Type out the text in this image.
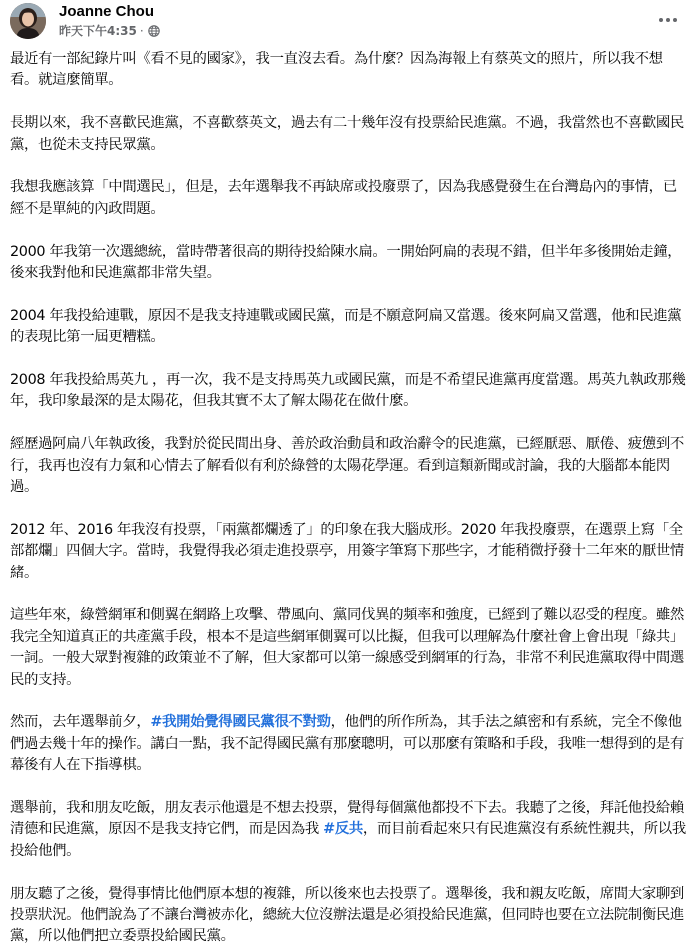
Joanne Chou
昨天下午4:35 ·

最近有一部紀錄片叫《看不見的國家》，我一直沒去看。為什麼？因為海報上有蔡英文的照片，所以我不想看。就這麼簡單。

長期以來，我不喜歡民進黨，不喜歡蔡英文，過去有二十幾年沒有投票給民進黨。不過，我當然也不喜歡國民黨，也從未支持民眾黨。

我想我應該算「中間選民」，但是，去年選舉我不再缺席或投廢票了，因為我感覺發生在台灣島內的事情，已經不是單純的內政問題。

2000 年我第一次選總統，當時帶著很高的期待投給陳水扁。一開始阿扁的表現不錯，但半年多後開始走鐘，後來我對他和民進黨都非常失望。

2004 年我投給連戰，原因不是我支持連戰或國民黨，而是不願意阿扁又當選。後來阿扁又當選，他和民進黨的表現比第一屆更糟糕。

2008 年我投給馬英九 ，再一次，我不是支持馬英九或國民黨，而是不希望民進黨再度當選。馬英九執政那幾年，我印象最深的是太陽花，但我其實不太了解太陽花在做什麼。

經歷過阿扁八年執政後，我對於從民間出身、善於政治動員和政治辭令的民進黨，已經厭惡、厭倦、疲憊到不行，我再也沒有力氣和心情去了解看似有利於綠營的太陽花學運。看到這類新聞或討論，我的大腦都本能閃過。

2012 年、2016 年我沒有投票，「兩黨都爛透了」的印象在我大腦成形。2020 年我投廢票，在選票上寫「全部都爛」四個大字。當時，我覺得我必須走進投票亭，用簽字筆寫下那些字，才能稍微抒發十二年來的厭世情緒。

這些年來，綠營網軍和側翼在網路上攻擊、帶風向、黨同伐異的頻率和強度，已經到了難以忍受的程度。雖然我完全知道真正的共產黨手段，根本不是這些網軍側翼可以比擬，但我可以理解為什麼社會上會出現「綠共」一詞。一般大眾對複雜的政策並不了解，但大家都可以第一線感受到網軍的行為，非常不利民進黨取得中間選民的支持。

然而，去年選舉前夕，#我開始覺得國民黨很不對勁，他們的所作所為，其手法之縝密和有系統，完全不像他們過去幾十年的操作。講白一點，我不記得國民黨有那麼聰明，可以那麼有策略和手段，我唯一想得到的是有幕後有人在下指導棋。

選舉前，我和朋友吃飯，朋友表示他還是不想去投票，覺得每個黨他都投不下去。我聽了之後，拜託他投給賴清德和民進黨，原因不是我支持它們，而是因為我 #反共，而目前看起來只有民進黨沒有系統性親共，所以我投給他們。

朋友聽了之後，覺得事情比他們原本想的複雜，所以後來也去投票了。選舉後，我和親友吃飯，席間大家聊到投票狀況。他們說為了不讓台灣被赤化，總統大位沒辦法還是必須投給民進黨，但同時也要在立法院制衡民進黨，所以他們把立委票投給國民黨。
